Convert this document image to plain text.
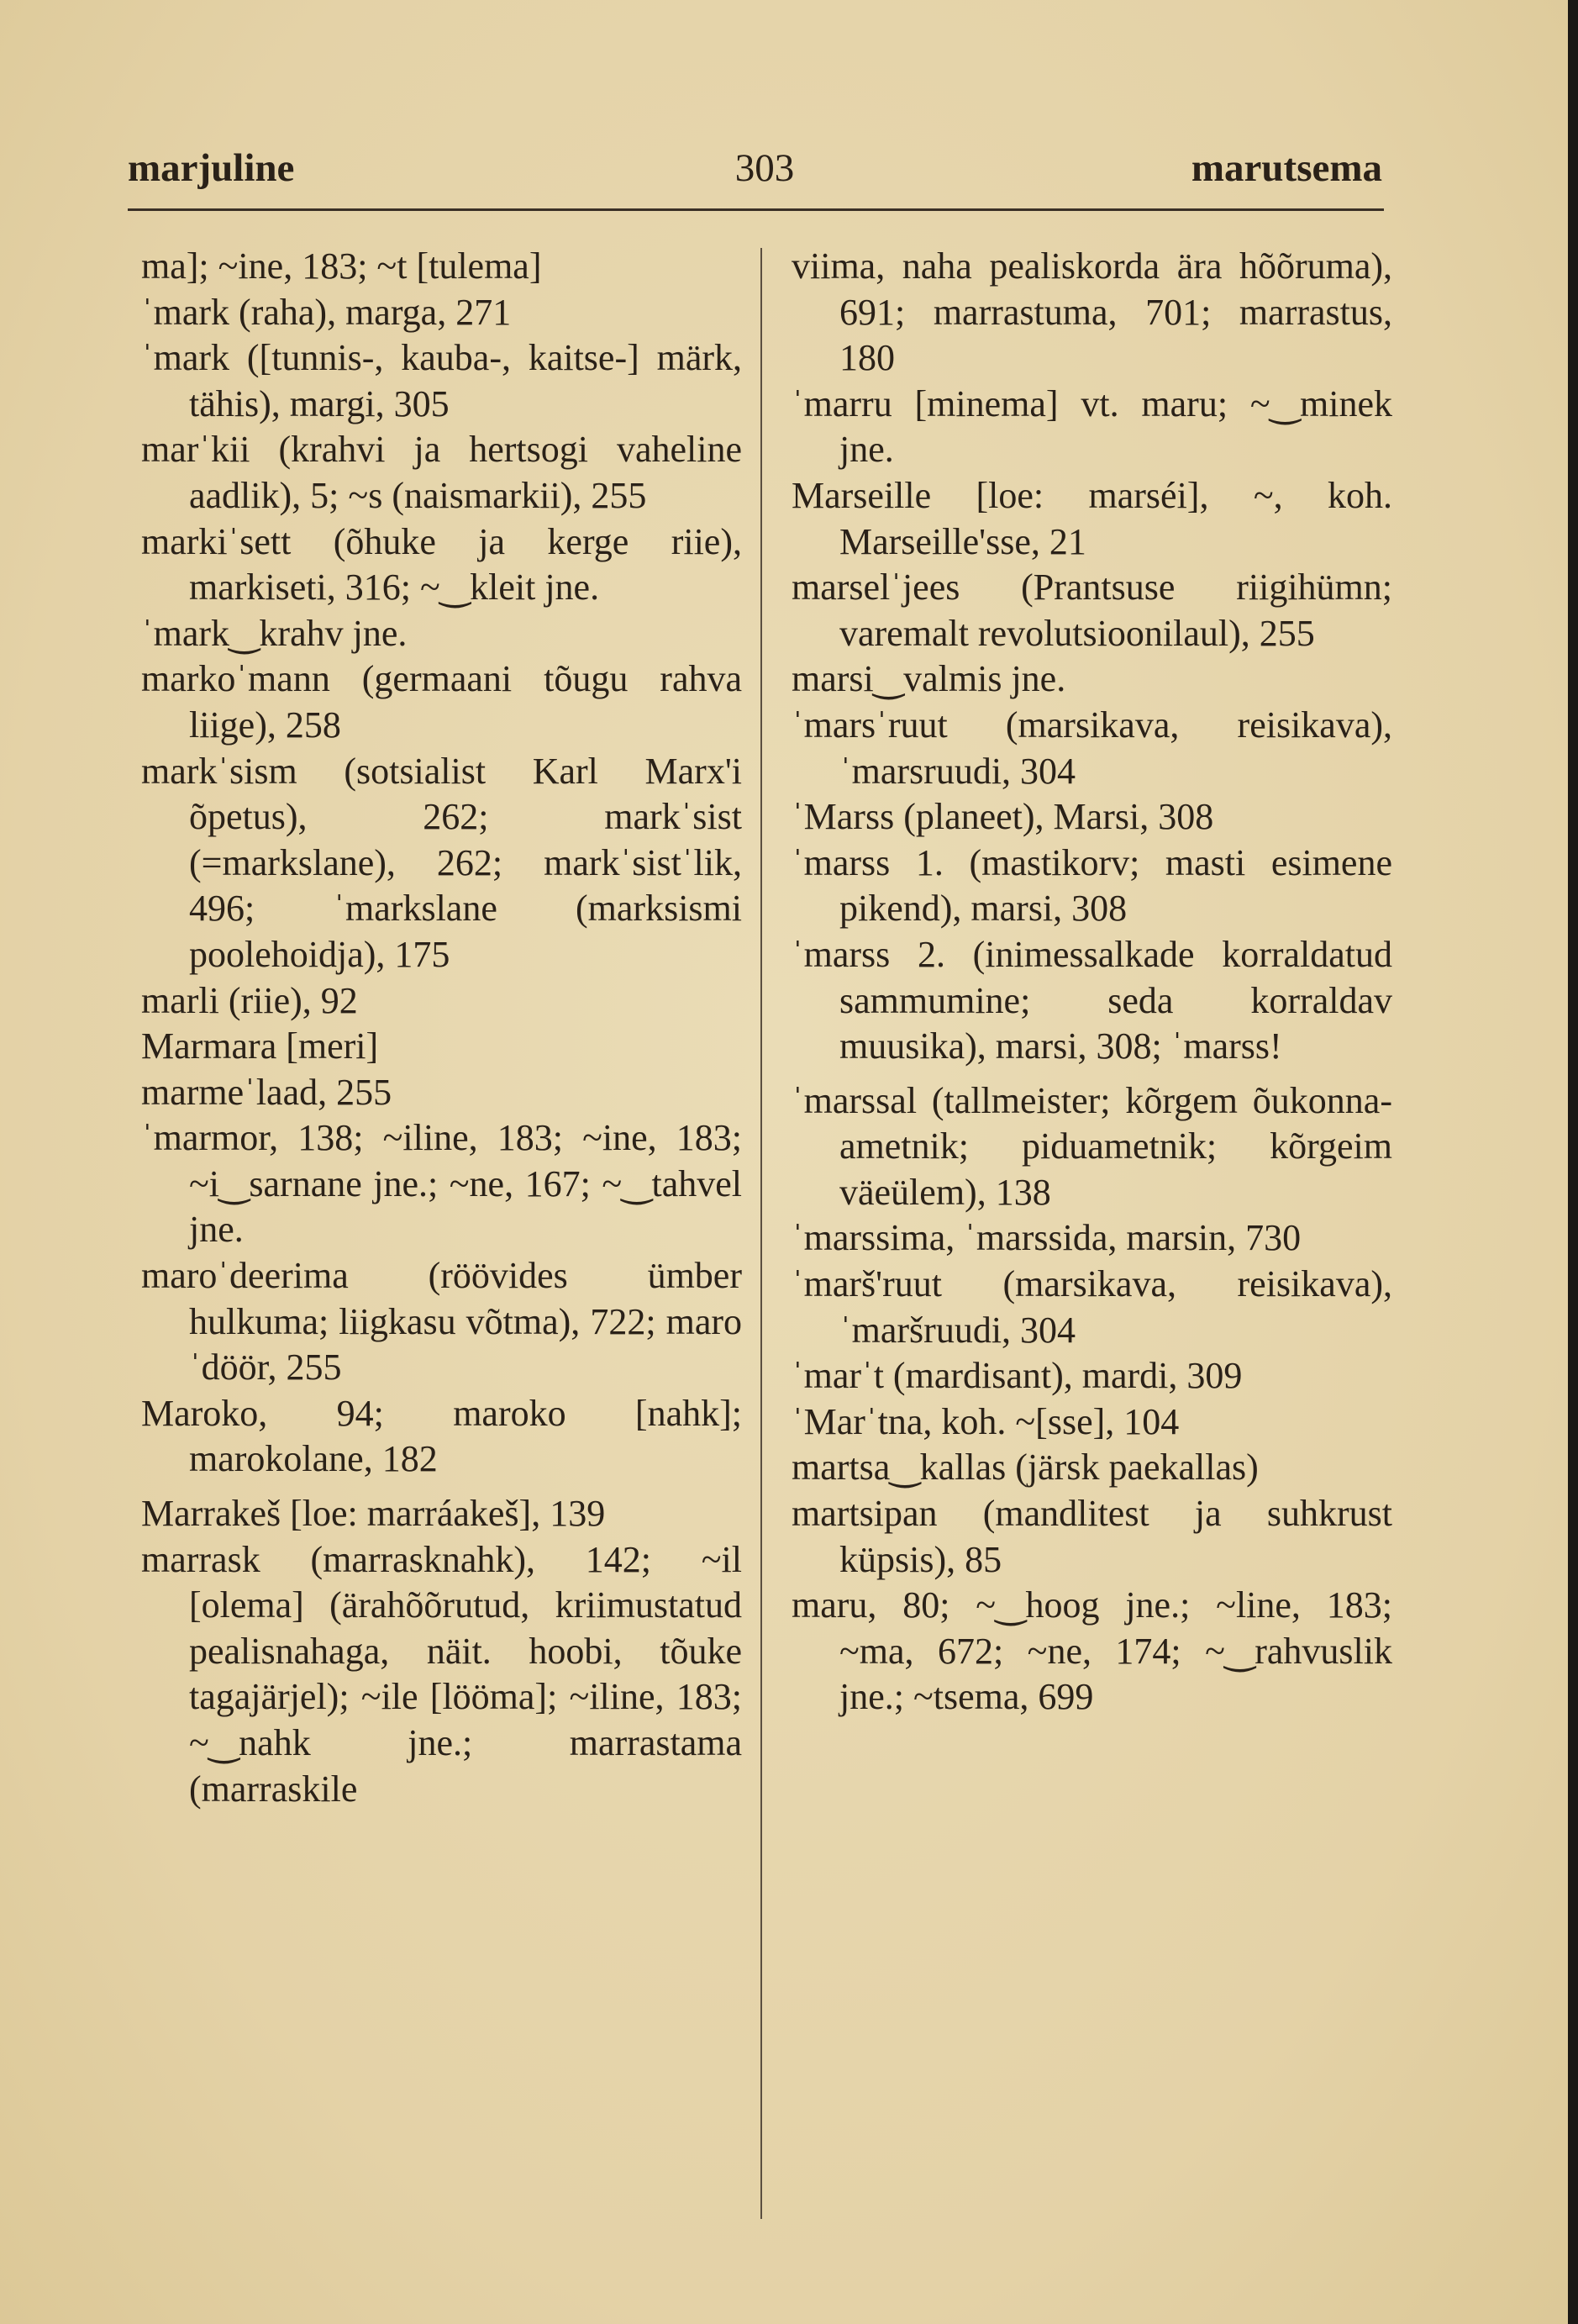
marjuline	303	marutsema

ma]; ~ine, 183; ~t [tulema]

ˈmark (raha), marga, 271

ˈmark ([tunnis-, kauba-, kaitse-] märk, tähis), margi, 305

marˈkii (krahvi ja hertsogi vaheline aadlik), 5; ~s (naismarkii), 255

markiˈsett (õhuke ja kerge riie), markiseti, 316; ~‿kleit jne.

ˈmark‿krahv jne.

markoˈmann (germaani tõugu rahva liige), 258

markˈsism (sotsialist Karl Marx'i õpetus), 262; markˈsist (=markslane), 262; markˈsistˈlik, 496; ˈmarkslane (marksismi poolehoidja), 175

marli (riie), 92

Marmara [meri]

marmeˈlaad, 255

ˈmarmor, 138; ~iline, 183; ~ine, 183; ~i‿sarnane jne.; ~ne, 167; ~‿tahvel jne.

maroˈdeerima (röövides ümber hulkuma; liigkasu võtma), 722; maroˈdöör, 255

Maroko, 94; maroko [nahk]; marokolane, 182

Marrakeš [loe: marráakeš], 139

marrask (marrasknahk), 142; ~il [olema] (ärahõõrutud, kriimustatud pealisnahaga, näit. hoobi, tõuke tagajärjel); ~ile [lööma]; ~iline, 183; ~‿nahk jne.; marrastama (marraskile

viima, naha pealiskorda ära hõõruma), 691; marrastuma, 701; marrastus, 180

ˈmarru [minema] vt. maru; ~‿minek jne.

Marseille [loe: marséi], ~, koh. Marseille'sse, 21

marselˈjees (Prantsuse riigihümn; varemalt revolutsioonilaul), 255

marsi‿valmis jne.

ˈmarsˈruut (marsikava, reisikava), ˈmarsruudi, 304

ˈMarss (planeet), Marsi, 308

ˈmarss 1. (mastikorv; masti esimene pikend), marsi, 308

ˈmarss 2. (inimessalkade korraldatud sammumine; seda korraldav muusika), marsi, 308; ˈmarss!

ˈmarssal (tallmeister; kõrgem õukonna-ametnik; piduametnik; kõrgeim väeülem), 138

ˈmarssima, ˈmarssida, marsin, 730

ˈmarš'ruut (marsikava, reisikava), ˈmaršruudi, 304

ˈmarˈt (mardisant), mardi, 309

ˈMarˈtna, koh. ~[sse], 104

martsa‿kallas (järsk paekallas)

martsipan (mandlitest ja suhkrust küpsis), 85

maru, 80; ~‿hoog jne.; ~line, 183; ~ma, 672; ~ne, 174; ~‿rahvuslik jne.; ~tsema, 699
